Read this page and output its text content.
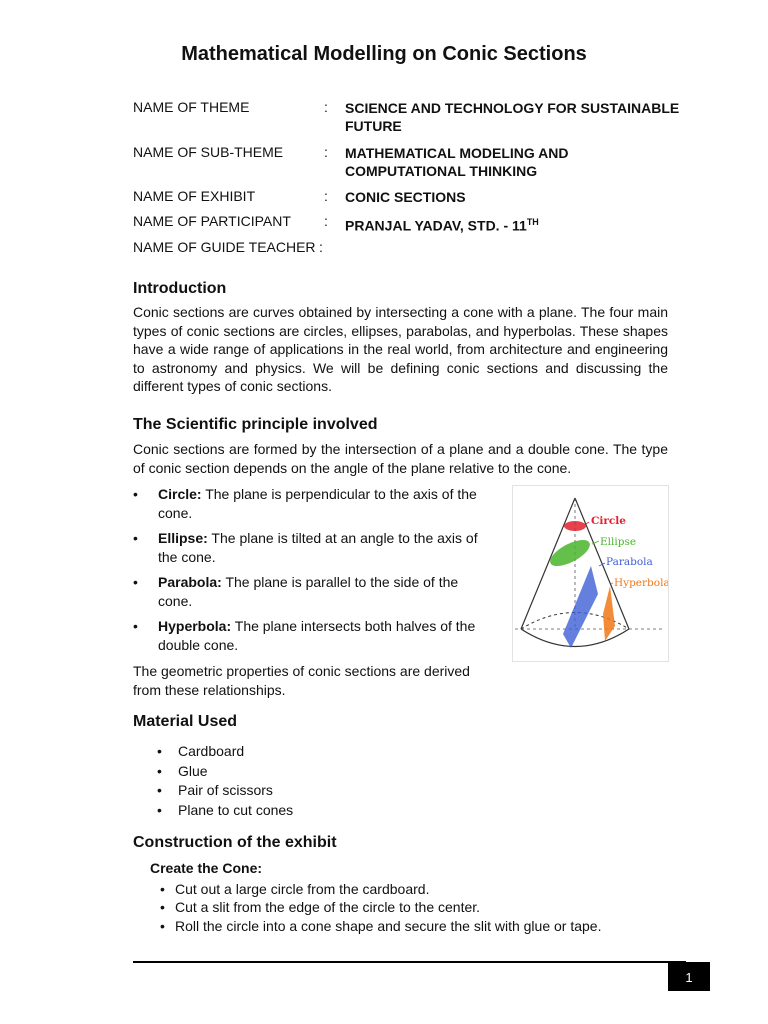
Mathematical Modelling on Conic Sections
NAME OF THEME	: SCIENCE AND TECHNOLOGY FOR SUSTAINABLE FUTURE
NAME OF SUB-THEME	: MATHEMATICAL MODELING AND COMPUTATIONAL THINKING
NAME OF EXHIBIT	: CONIC SECTIONS
NAME OF PARTICIPANT : PRANJAL YADAV, STD. - 11TH
NAME OF GUIDE TEACHER :
Introduction

Conic sections are curves obtained by intersecting a cone with a plane. The four main types of conic sections are circles, ellipses, parabolas, and hyperbolas. These shapes have a wide range of applications in the real world, from architecture and engineering to astronomy and physics. We will be defining conic sections and discussing the different types of conic sections.

The Scientific principle involved

Conic sections are formed by the intersection of a plane and a double cone. The type of conic section depends on the angle of the plane relative to the cone.

• Circle: The plane is perpendicular to the axis of the cone.
• Ellipse: The plane is tilted at an angle to the axis of the cone.
• Parabola: The plane is parallel to the side of the cone.
• Hyperbola: The plane intersects both halves of the double cone.

The geometric properties of conic sections are derived from these relationships.

Circle
Ellipse
Parabola
Hyperbola
Material Used
• Cardboard
• Glue
• Pair of scissors
• Plane to cut cones
Construction of the exhibit
Create the Cone:
• Cut out a large circle from the cardboard.
• Cut a slit from the edge of the circle to the center.
• Roll the circle into a cone shape and secure the slit with glue or tape.
1
